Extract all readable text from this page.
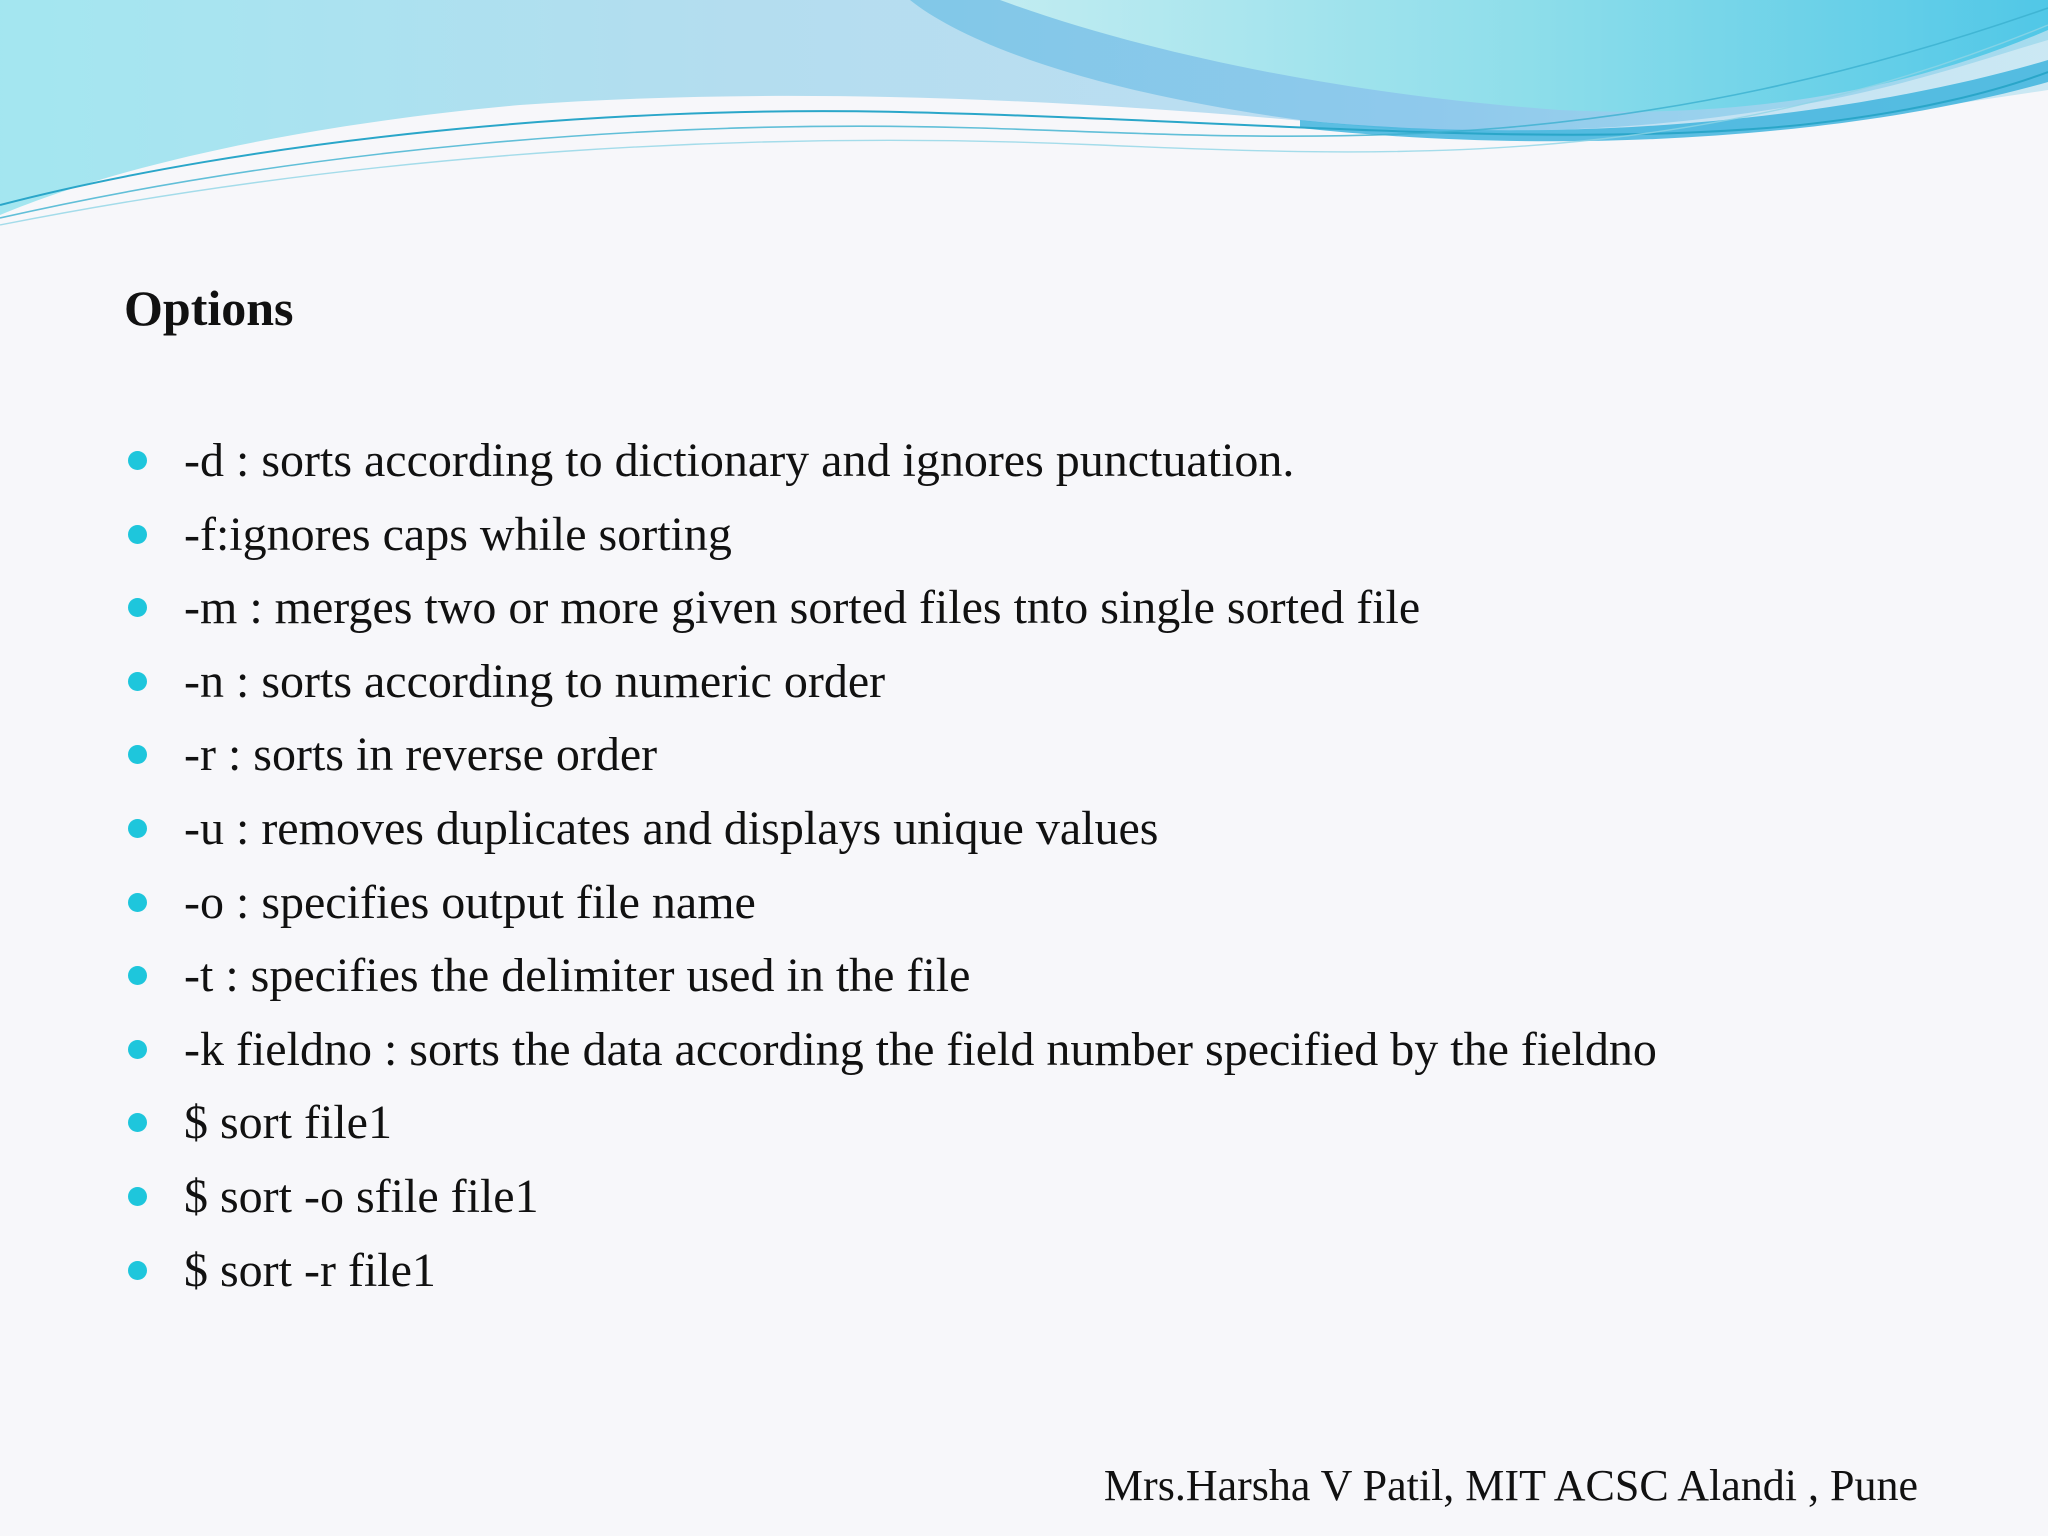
Options
-d : sorts according to dictionary and ignores punctuation.
-f:ignores caps while sorting
-m : merges two or more given sorted files tnto single sorted file
-n : sorts according to numeric order
-r : sorts in reverse order
-u : removes duplicates and displays unique values
-o : specifies output file name
-t : specifies the delimiter used in the file
-k fieldno : sorts the data according the field number specified by the fieldno
$ sort file1
$ sort -o sfile file1
$ sort -r file1

Mrs.Harsha V Patil, MIT ACSC Alandi , Pune
